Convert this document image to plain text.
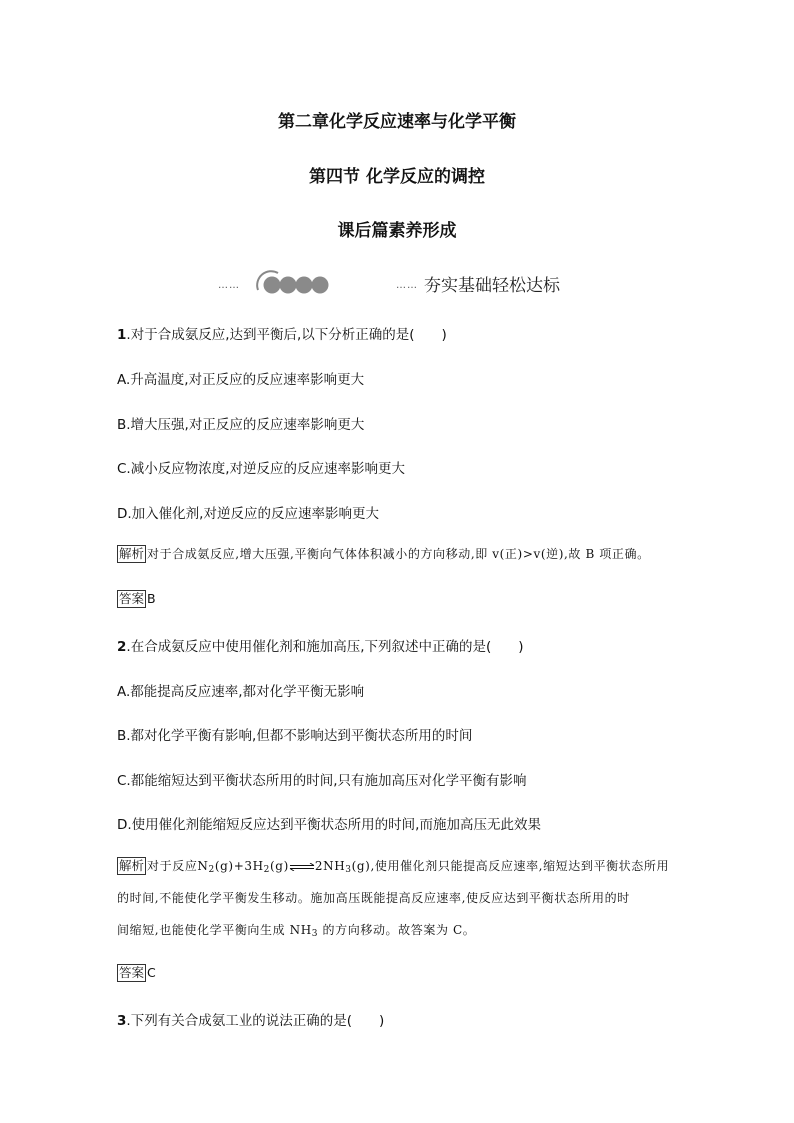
第二章化学反应速率与化学平衡
第四节 化学反应的调控
课后篇素养形成
……	…… 夯实基础轻松达标
1.对于合成氨反应,达到平衡后,以下分析正确的是(　　)
A.升高温度,对正反应的反应速率影响更大
B.增大压强,对正反应的反应速率影响更大
C.减小反应物浓度,对逆反应的反应速率影响更大
D.加入催化剂,对逆反应的反应速率影响更大
解析 对于合成氨反应,增大压强,平衡向气体体积减小的方向移动,即 v(正)>v(逆),故 B 项正确。
答案 B
2.在合成氨反应中使用催化剂和施加高压,下列叙述中正确的是(　　)
A.都能提高反应速率,都对化学平衡无影响
B.都对化学平衡有影响,但都不影响达到平衡状态所用的时间
C.都能缩短达到平衡状态所用的时间,只有施加高压对化学平衡有影响
D.使用催化剂能缩短反应达到平衡状态所用的时间,而施加高压无此效果
解析 对于反应$N_2(g)+3H_2(g)\rightleftharpoons 2NH_3(g)$,使用催化剂只能提高反应速率,缩短达到平衡状态所用
的时间,不能使化学平衡发生移动。施加高压既能提高反应速率,使反应达到平衡状态所用的时
间缩短,也能使化学平衡向生成 $NH_3$ 的方向移动。故答案为 C。
答案 C
3.下列有关合成氨工业的说法正确的是(　　)
